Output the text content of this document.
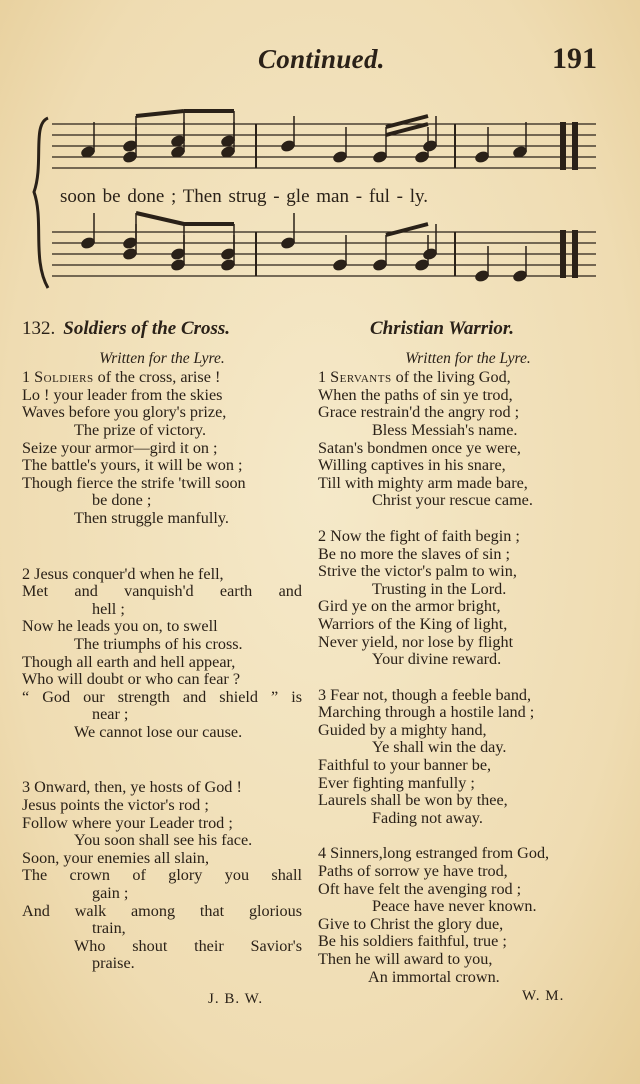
Continued.	191
soon be done ; Then strug - gle man - ful - ly.
132. Soldiers of the Cross.
Written for the Lyre.
1 Soldiers of the cross, arise !
Lo ! your leader from the skies
Waves before you glory's prize,
The prize of victory.
Seize your armor—gird it on ;
The battle's yours, it will be won ;
Though fierce the strife 'twill soon
be done ;
Then struggle manfully.
2 Jesus conquer'd when he fell,
Met and vanquish'd earth and
hell ;
Now he leads you on, to swell
The triumphs of his cross.
Though all earth and hell appear,
Who will doubt or who can fear ?
“ God our strength and shield ” is
near ;
We cannot lose our cause.
3 Onward, then, ye hosts of God !
Jesus points the victor's rod ;
Follow where your Leader trod ;
You soon shall see his face.
Soon, your enemies all slain,
The crown of glory you shall
gain ;
And walk among that glorious
train,
Who shout their Savior's
praise.
J. B. W.
Christian Warrior.
Written for the Lyre.
1 Servants of the living God,
When the paths of sin ye trod,
Grace restrain'd the angry rod ;
Bless Messiah's name.
Satan's bondmen once ye were,
Willing captives in his snare,
Till with mighty arm made bare,
Christ your rescue came.
2 Now the fight of faith begin ;
Be no more the slaves of sin ;
Strive the victor's palm to win,
Trusting in the Lord.
Gird ye on the armor bright,
Warriors of the King of light,
Never yield, nor lose by flight
Your divine reward.
3 Fear not, though a feeble band,
Marching through a hostile land ;
Guided by a mighty hand,
Ye shall win the day.
Faithful to your banner be,
Ever fighting manfully ;
Laurels shall be won by thee,
Fading not away.
4 Sinners,long estranged from God,
Paths of sorrow ye have trod,
Oft have felt the avenging rod ;
Peace have never known.
Give to Christ the glory due,
Be his soldiers faithful, true ;
Then he will award to you,
An immortal crown.
W. M.
